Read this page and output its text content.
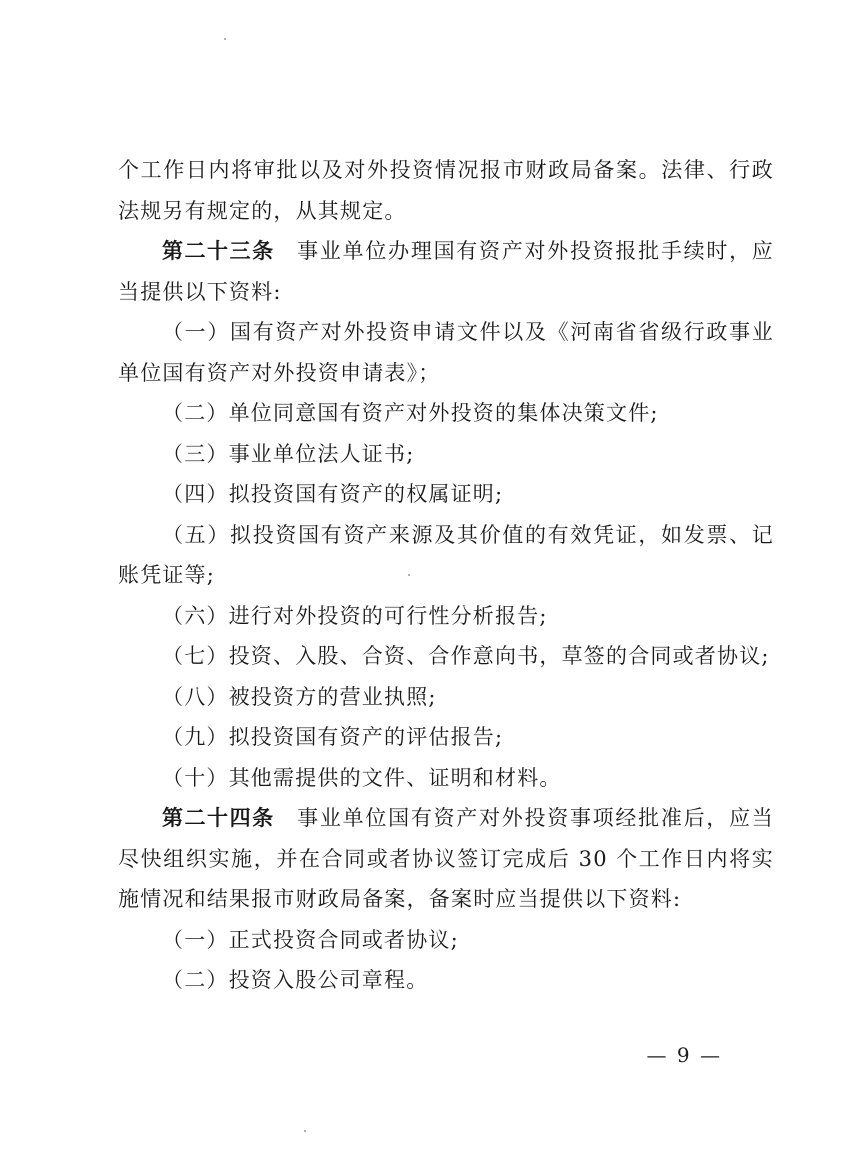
个工作日内将审批以及对外投资情况报市财政局备案。法律、行政法规另有规定的，从其规定。

第二十三条 事业单位办理国有资产对外投资报批手续时，应当提供以下资料:

（一）国有资产对外投资申请文件以及《河南省省级行政事业单位国有资产对外投资申请表》；

（二）单位同意国有资产对外投资的集体决策文件;

（三）事业单位法人证书;

（四）拟投资国有资产的权属证明;

（五）拟投资国有资产来源及其价值的有效凭证，如发票、记账凭证等;

（六）进行对外投资的可行性分析报告;

（七）投资、入股、合资、合作意向书，草签的合同或者协议;

（八）被投资方的营业执照;

（九）拟投资国有资产的评估报告;

（十）其他需提供的文件、证明和材料。

第二十四条 事业单位国有资产对外投资事项经批准后，应当尽快组织实施，并在合同或者协议签订完成后 30 个工作日内将实施情况和结果报市财政局备案，备案时应当提供以下资料:

（一）正式投资合同或者协议;

（二）投资入股公司章程。

— 9 —
